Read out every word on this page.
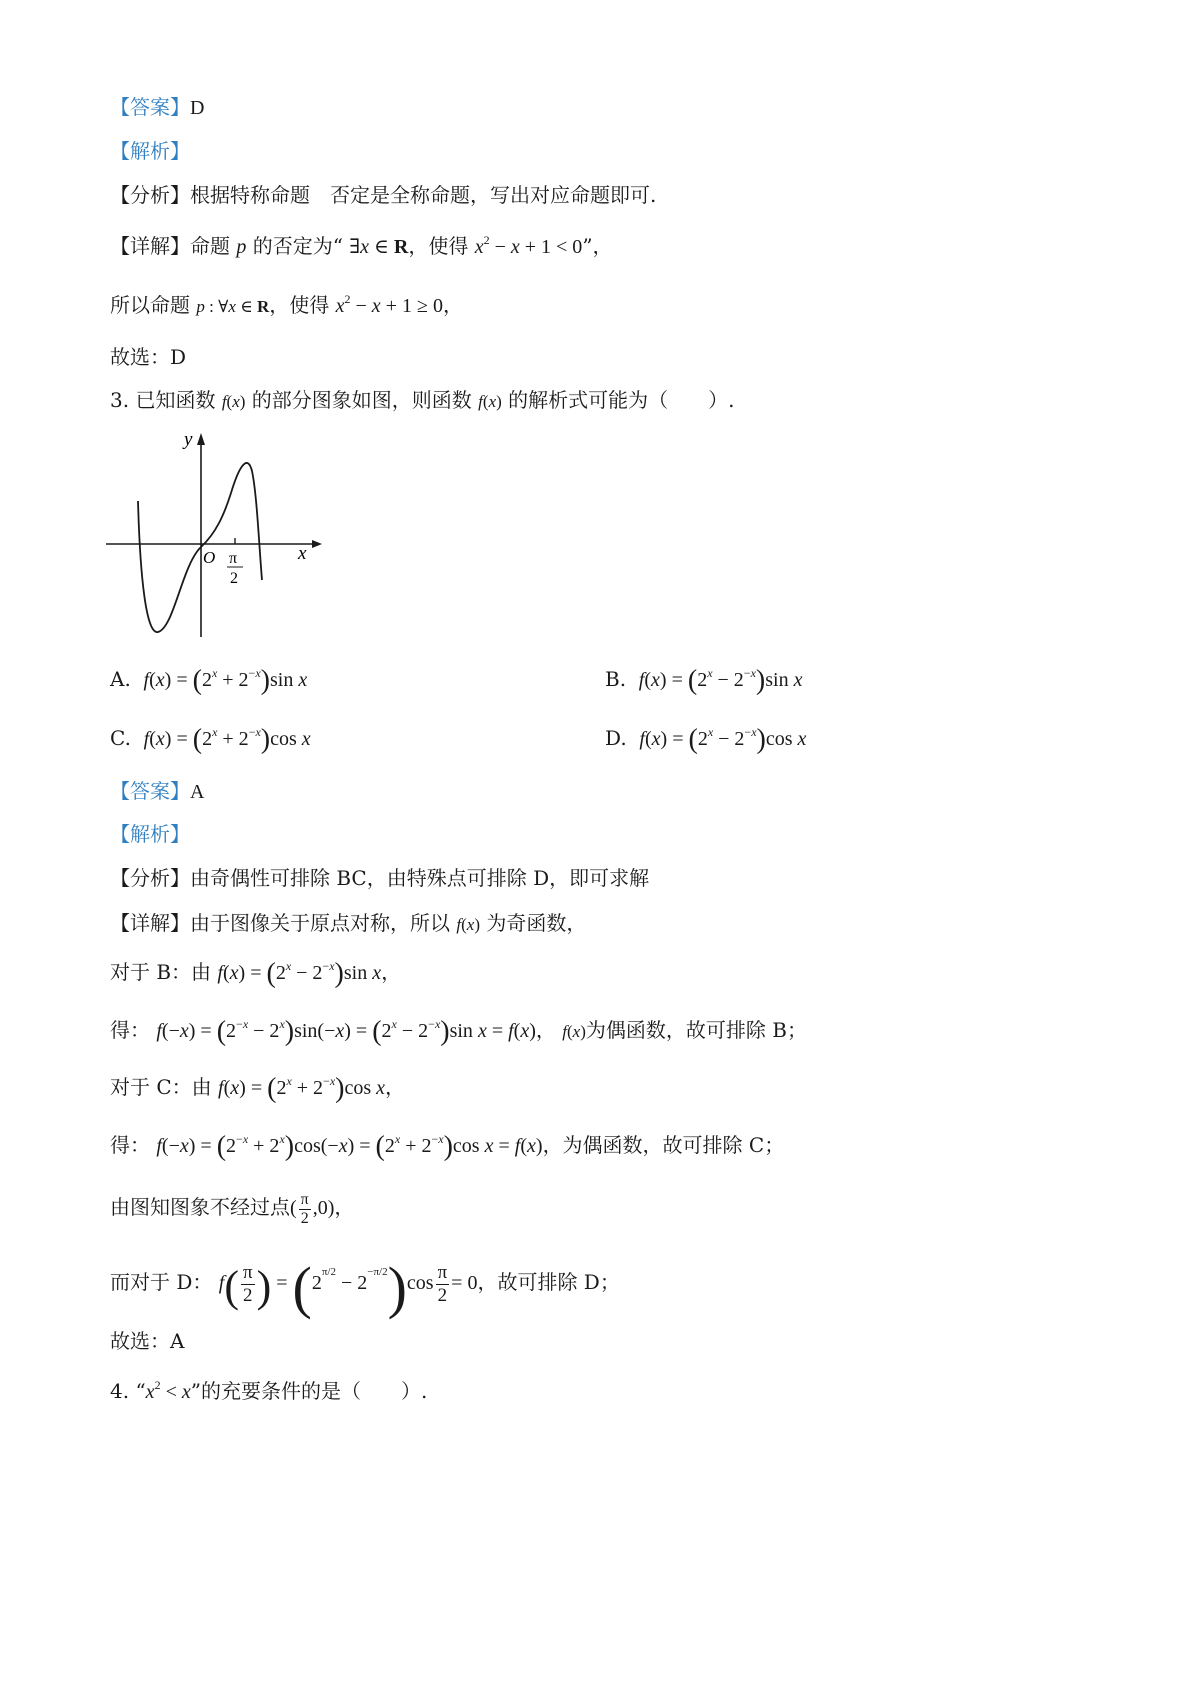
【答案】D
【解析】
【分析】根据特称命题　否定是全称命题，写出对应命题即可.
【详解】命题 p 的否定为“ ∃x ∈ R，使得 $x^2 - x + 1 < 0$”，
所以命题 p : ∀x ∈ R，使得 $x^2 - x + 1 \ge 0$，
故选：D
3. 已知函数 f(x) 的部分图象如图，则函数 f(x) 的解析式可能为（　　）.
y
x
O π
2
A. $f(x) = (2^x + 2^{-x})\sin$ x	B. $f(x) = (2^x - 2^{-x})\sin$ x
C. $f(x) = (2^x + 2^{-x})\cos$ x	D. $f(x) = (2^x - 2^{-x})\cos$ x
【答案】A
【解析】
【分析】由奇偶性可排除 BC，由特殊点可排除 D，即可求解
【详解】由于图像关于原点对称，所以 f(x) 为奇函数，
对于 B：由 $f(x) = (2^x - 2^{-x})\sin$ x，
得： $f(-x) = (2^{-x} - 2^x)\sin(-x) = (2^x - 2^{-x})\sin$ x = f(x)， f(x)为偶函数，故可排除 B；
对于 C：由 $f(x) = (2^x + 2^{-x})\cos$ x，
得： $f(-x) = (2^{-x} + 2^x)\cos(-x) = (2^x + 2^{-x})\cos$ x = f(x)，为偶函数，故可排除 C；
由图知图象不经过点( $\frac{\pi}{2} ,0$)，
而对于 D： $f( \frac{\pi}{2}$ ) = $(2^{\pi/2} - 2^{-\pi/2})\cos \frac{\pi}{2} = 0$，故可排除 D；
故选：A
4. “$x^2 < x$”的充要条件的是（　　）.
